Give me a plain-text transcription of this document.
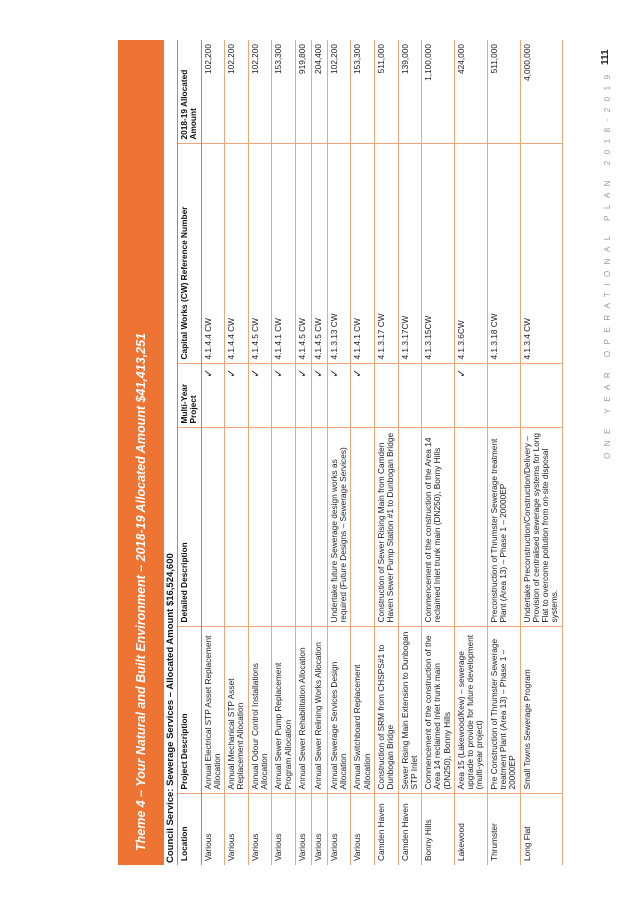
Theme 4 – Your Natural and Built Environment – 2018-19 Allocated Amount $41,413,251 Council Service: Sewerage Services – Allocated Amount $16,524,600 Location	Project Description	Detailed Description	Multi-Year Project	Capital Works (CW) Reference Number	2018-19 Allocated Amount
Various	Annual Electrical STP Asset Replacement Allocation		✓	4.1.4.4 CW	102,200
Various	Annual Mechanical STP Asset Replacement Allocation		✓	4.1.4.4 CW	102,200
Various	Annual Odour Control Installations Allocation		✓	4.1.4.5 CW	102,200
Various	Annual Sewer Pump Replacement Program Allocation		✓	4.1.4.1 CW	153,300
Various	Annual Sewer Rehabilitation Allocation		✓	4.1.4.5 CW	919,800
Various	Annual Sewer Relining Works Allocation		✓	4.1.4.5 CW	204,400
Various	Annual Sewerage Services Design Allocation	Undertake future Sewerage design works as required (Future Designs – Sewerage Services)	✓	4.1.3.13 CW	102,200
Various	Annual Switchboard Replacement Allocation		✓	4.1.4.1 CW	153,300
Camden Haven	Construction of SRM from CHSPS#1 to Dunbogan Bridge	Construction of Sewer Rising Main from Camden Haven Sewer Pump Station #1 to Dunbogan Bridge		4.1.3.17 CW	511,000
Camden Haven	Sewer Rising Main Extension to Dunbogan STP Inlet			4.1.3.17CW	139,000
Bonny Hills	Commencement of the construction of the Area 14 reclaimed Inlet trunk main (DN250), Bonny Hills	Commencement of the construction of the Area 14 reclaimed Inlet trunk main (DN250), Bonny Hills		4.1.3.15CW	1,100,000
Lakewood	Area 15 (Lakewood/Kew) – sewerage upgrade to provide for future development (multi-year project)		✓	4.1.3.6CW	424,000
Thrumster	Pre Construction of Thrumster Sewerage treatment Plant (Area 13) – Phase 1 – 20000EP	Preconstruction of Thrumster Sewerage treatment Plant (Area 13) – Phase 1 – 20000EP		4.1.3.18 CW	511,000
Long Flat	Small Towns Sewerage Program	Undertake Preconstruction/Construction/Delivery – Provision of centralised sewerage systems for Long Flat to overcome pollution from on-site disposal systems.		4.1.3.4 CW	4,000,000
ONE YEAR OPERATIONAL PLAN 2018-2019
111
